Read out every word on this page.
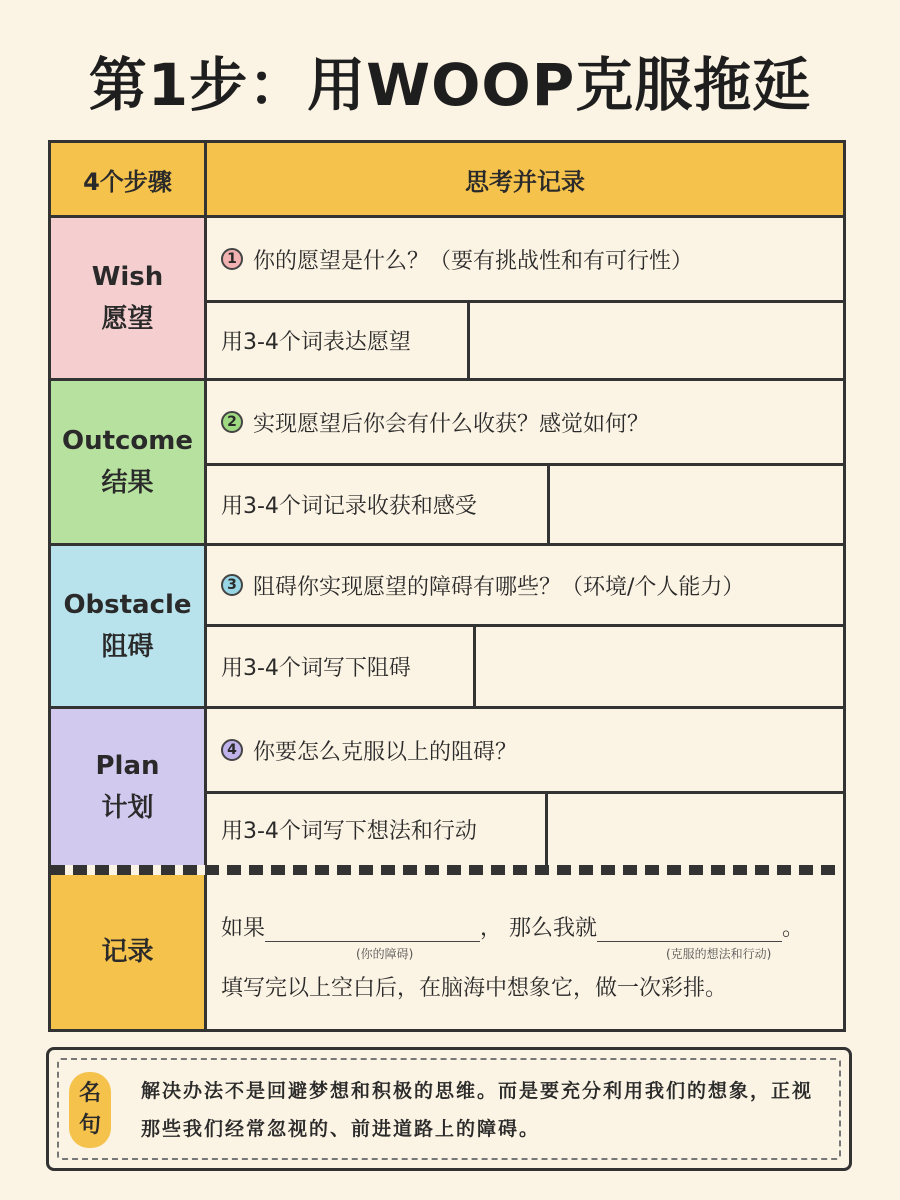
第1步：用WOOP克服拖延
4个步骤	思考并记录
Wish
愿望
1 你的愿望是什么？（要有挑战性和有可行性）
用3-4个词表达愿望
Outcome
结果
2 实现愿望后你会有什么收获？感觉如何？
用3-4个词记录收获和感受
Obstacle
阻碍
3 阻碍你实现愿望的障碍有哪些？（环境/个人能力）
用3-4个词写下阻碍
Plan
计划
4 你要怎么克服以上的阻碍？
用3-4个词写下想法和行动
记录
如果	， 那么我就	。
(你的障碍)	(克服的想法和行动)
填写完以上空白后，在脑海中想象它，做一次彩排。
名
句
解决办法不是回避梦想和积极的思维。而是要充分利用我们的想象，正视那些我们经常忽视的、前进道路上的障碍。
